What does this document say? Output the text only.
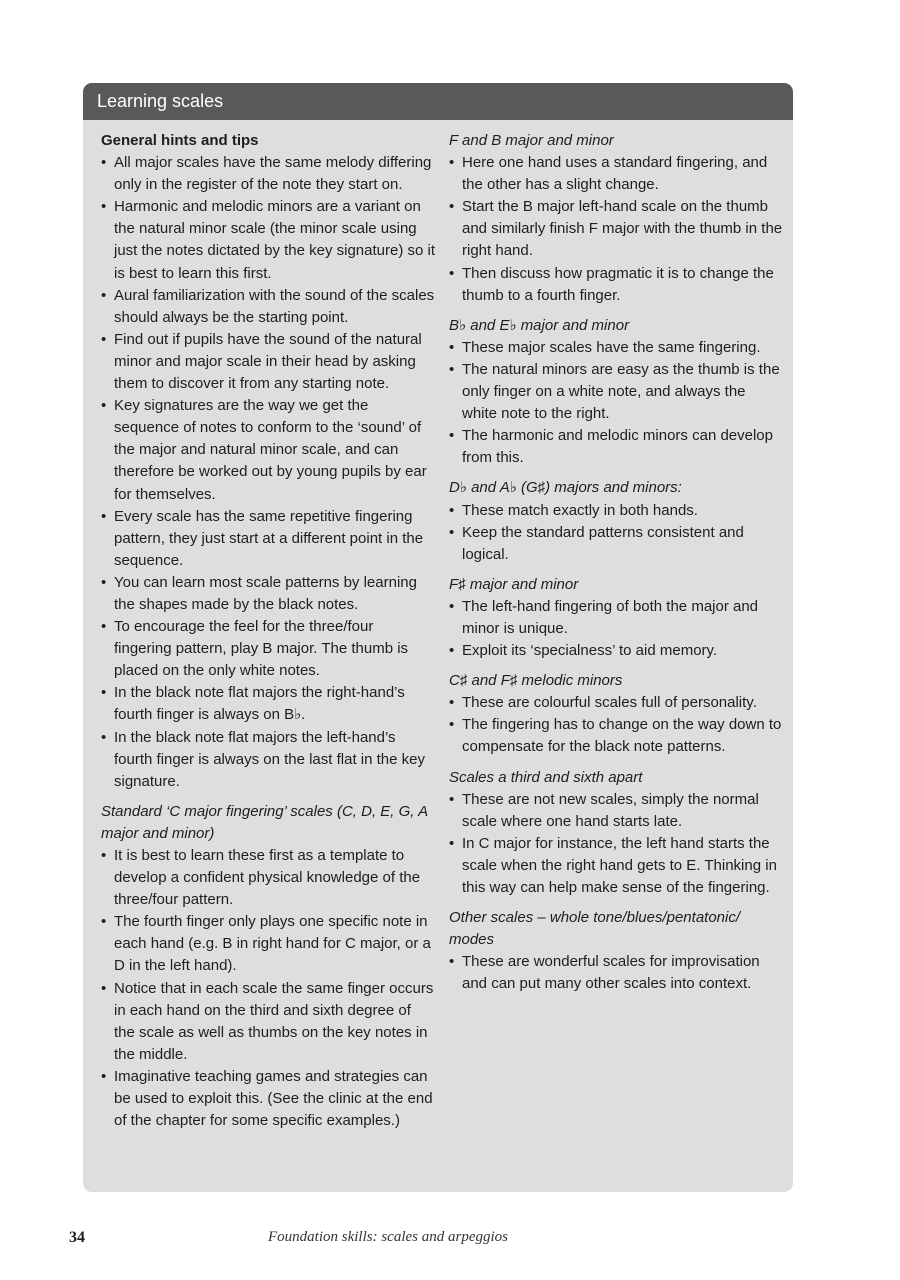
Learning scales

General hints and tips

• All major scales have the same melody differing only in the register of the note they start on.
• Harmonic and melodic minors are a variant on the natural minor scale (the minor scale using just the notes dictated by the key signature) so it is best to learn this first.
• Aural familiarization with the sound of the scales should always be the starting point.
• Find out if pupils have the sound of the natural minor and major scale in their head by asking them to discover it from any starting note.
• Key signatures are the way we get the sequence of notes to conform to the ‘sound’ of the major and natural minor scale, and can therefore be worked out by young pupils by ear for themselves.
• Every scale has the same repetitive fingering pattern, they just start at a different point in the sequence.
• You can learn most scale patterns by learning the shapes made by the black notes.
• To encourage the feel for the three/four fingering pattern, play B major. The thumb is placed on the only white notes.
• In the black note flat majors the right-hand’s fourth finger is always on B♭.
• In the black note flat majors the left-hand’s fourth finger is always on the last flat in the key signature.

Standard ‘C major fingering’ scales (C, D, E, G, A major and minor)

• It is best to learn these first as a template to develop a confident physical knowledge of the three/four pattern.
• The fourth finger only plays one specific note in each hand (e.g. B in right hand for C major, or a D in the left hand).
• Notice that in each scale the same finger occurs in each hand on the third and sixth degree of the scale as well as thumbs on the key notes in the middle.
• Imaginative teaching games and strategies can be used to exploit this. (See the clinic at the end of the chapter for some specific examples.)

F and B major and minor

• Here one hand uses a standard fingering, and the other has a slight change.
• Start the B major left-hand scale on the thumb and similarly finish F major with the thumb in the right hand.
• Then discuss how pragmatic it is to change the thumb to a fourth finger.

B♭ and E♭ major and minor

• These major scales have the same fingering.
• The natural minors are easy as the thumb is the only finger on a white note, and always the white note to the right.
• The harmonic and melodic minors can develop from this.

D♭ and A♭ (G♯) majors and minors:

• These match exactly in both hands.
• Keep the standard patterns consistent and logical.

F♯ major and minor

• The left-hand fingering of both the major and minor is unique.
• Exploit its ‘specialness’ to aid memory.

C♯ and F♯ melodic minors

• These are colourful scales full of personality.
• The fingering has to change on the way down to compensate for the black note patterns.

Scales a third and sixth apart

• These are not new scales, simply the normal scale where one hand starts late.
• In C major for instance, the left hand starts the scale when the right hand gets to E. Thinking in this way can help make sense of the fingering.

Other scales – whole tone/blues/pentatonic/ modes

• These are wonderful scales for improvisation and can put many other scales into context.
34	Foundation skills: scales and arpeggios
